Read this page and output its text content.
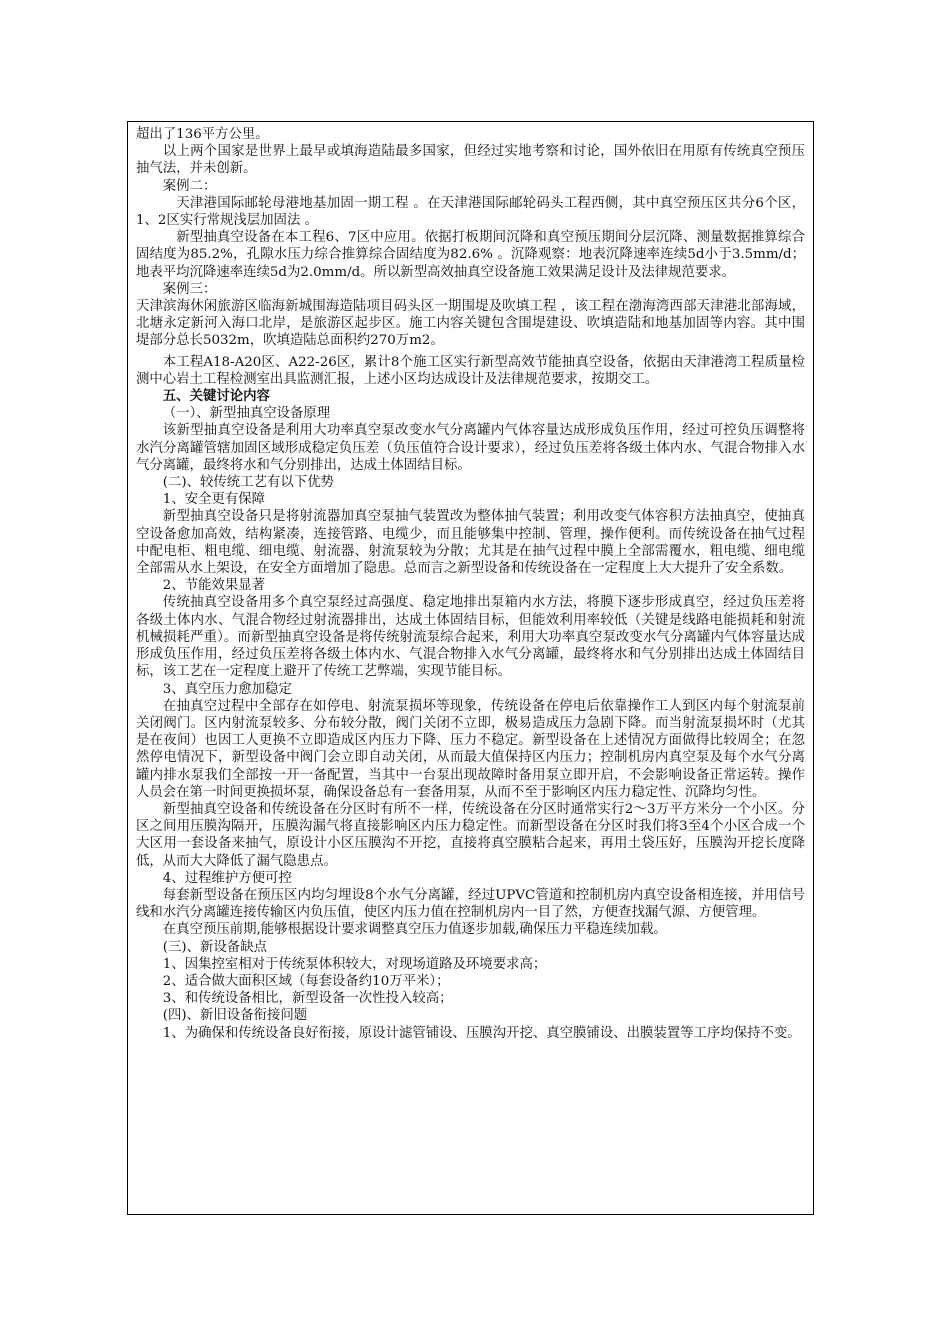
超出了136平方公里。

以上两个国家是世界上最早或填海造陆最多国家，但经过实地考察和讨论，国外依旧在用原有传统真空预压抽气法，并未创新。

案例二：

天津港国际邮轮母港地基加固一期工程 。在天津港国际邮轮码头工程西侧，其中真空预压区共分6个区，1、2区实行常规浅层加固法 。

新型抽真空设备在本工程6、7区中应用。依据打板期间沉降和真空预压期间分层沉降、测量数据推算综合固结度为85.2%，孔隙水压力综合推算综合固结度为82.6% 。沉降观察：地表沉降速率连续5d小于3.5mm/d；地表平均沉降速率连续5d为2.0mm/d。所以新型高效抽真空设备施工效果满足设计及法律规范要求。

案例三：

天津滨海休闲旅游区临海新城围海造陆项目码头区一期围堤及吹填工程 ，该工程在渤海湾西部天津港北部海域，北塘永定新河入海口北岸，是旅游区起步区。施工内容关键包含围堤建设、吹填造陆和地基加固等内容。其中围堤部分总长5032m，吹填造陆总面积约270万m2。

本工程A18-A20区、A22-26区，累计8个施工区实行新型高效节能抽真空设备，依据由天津港湾工程质量检测中心岩土工程检测室出具监测汇报，上述小区均达成设计及法律规范要求，按期交工。

五、关键讨论内容

（一）、新型抽真空设备原理

该新型抽真空设备是利用大功率真空泵改变水气分离罐内气体容量达成形成负压作用，经过可控负压调整将水汽分离罐管辖加固区域形成稳定负压差（负压值符合设计要求），经过负压差将各级土体内水、气混合物排入水气分离罐，最终将水和气分别排出，达成土体固结目标。

(二)、较传统工艺有以下优势

1、安全更有保障

新型抽真空设备只是将射流器加真空泵抽气装置改为整体抽气装置；利用改变气体容积方法抽真空，使抽真空设备愈加高效，结构紧凑，连接管路、电缆少，而且能够集中控制、管理，操作便利。而传统设备在抽气过程中配电柜、粗电缆、细电缆、射流器、射流泵较为分散；尤其是在抽气过程中膜上全部需覆水，粗电缆、细电缆全部需从水上架设，在安全方面增加了隐患。总而言之新型设备和传统设备在一定程度上大大提升了安全系数。

2、节能效果显著

传统抽真空设备用多个真空泵经过高强度、稳定地排出泵箱内水方法，将膜下逐步形成真空，经过负压差将各级土体内水、气混合物经过射流器排出，达成土体固结目标，但能效利用率较低（关键是线路电能损耗和射流机械损耗严重）。而新型抽真空设备是将传统射流泵综合起来，利用大功率真空泵改变水气分离罐内气体容量达成形成负压作用，经过负压差将各级土体内水、气混合物排入水气分离罐，最终将水和气分别排出达成土体固结目标，该工艺在一定程度上避开了传统工艺弊端，实现节能目标。

3、真空压力愈加稳定

在抽真空过程中全部存在如停电、射流泵损坏等现象，传统设备在停电后依靠操作工人到区内每个射流泵前关闭阀门。区内射流泵较多、分布较分散，阀门关闭不立即，极易造成压力急剧下降。而当射流泵损坏时（尤其是在夜间）也因工人更换不立即造成区内压力下降、压力不稳定。新型设备在上述情况方面做得比较周全；在忽然停电情况下，新型设备中阀门会立即自动关闭，从而最大值保持区内压力；控制机房内真空泵及每个水气分离罐内排水泵我们全部按一开一备配置，当其中一台泵出现故障时备用泵立即开启，不会影响设备正常运转。操作人员会在第一时间更换损坏泵，确保设备总有一套备用泵，从而不至于影响区内压力稳定性、沉降均匀性。

新型抽真空设备和传统设备在分区时有所不一样，传统设备在分区时通常实行2～3万平方米分一个小区。分区之间用压膜沟隔开，压膜沟漏气将直接影响区内压力稳定性。而新型设备在分区时我们将3至4个小区合成一个大区用一套设备来抽气，原设计小区压膜沟不开挖，直接将真空膜粘合起来，再用土袋压好，压膜沟开挖长度降低，从而大大降低了漏气隐患点。

4、过程维护方便可控

每套新型设备在预压区内均匀埋设8个水气分离罐，经过UPVC管道和控制机房内真空设备相连接，并用信号线和水汽分离罐连接传输区内负压值，使区内压力值在控制机房内一目了然，方便查找漏气源、方便管理。

在真空预压前期,能够根据设计要求调整真空压力值逐步加载,确保压力平稳连续加载。

(三)、新设备缺点

1、因集控室相对于传统泵体积较大，对现场道路及环境要求高；

2、适合做大面积区域（每套设备约10万平米）；

3、和传统设备相比，新型设备一次性投入较高；

(四)、新旧设备衔接问题

1、为确保和传统设备良好衔接，原设计滤管铺设、压膜沟开挖、真空膜铺设、出膜装置等工序均保持不变。
